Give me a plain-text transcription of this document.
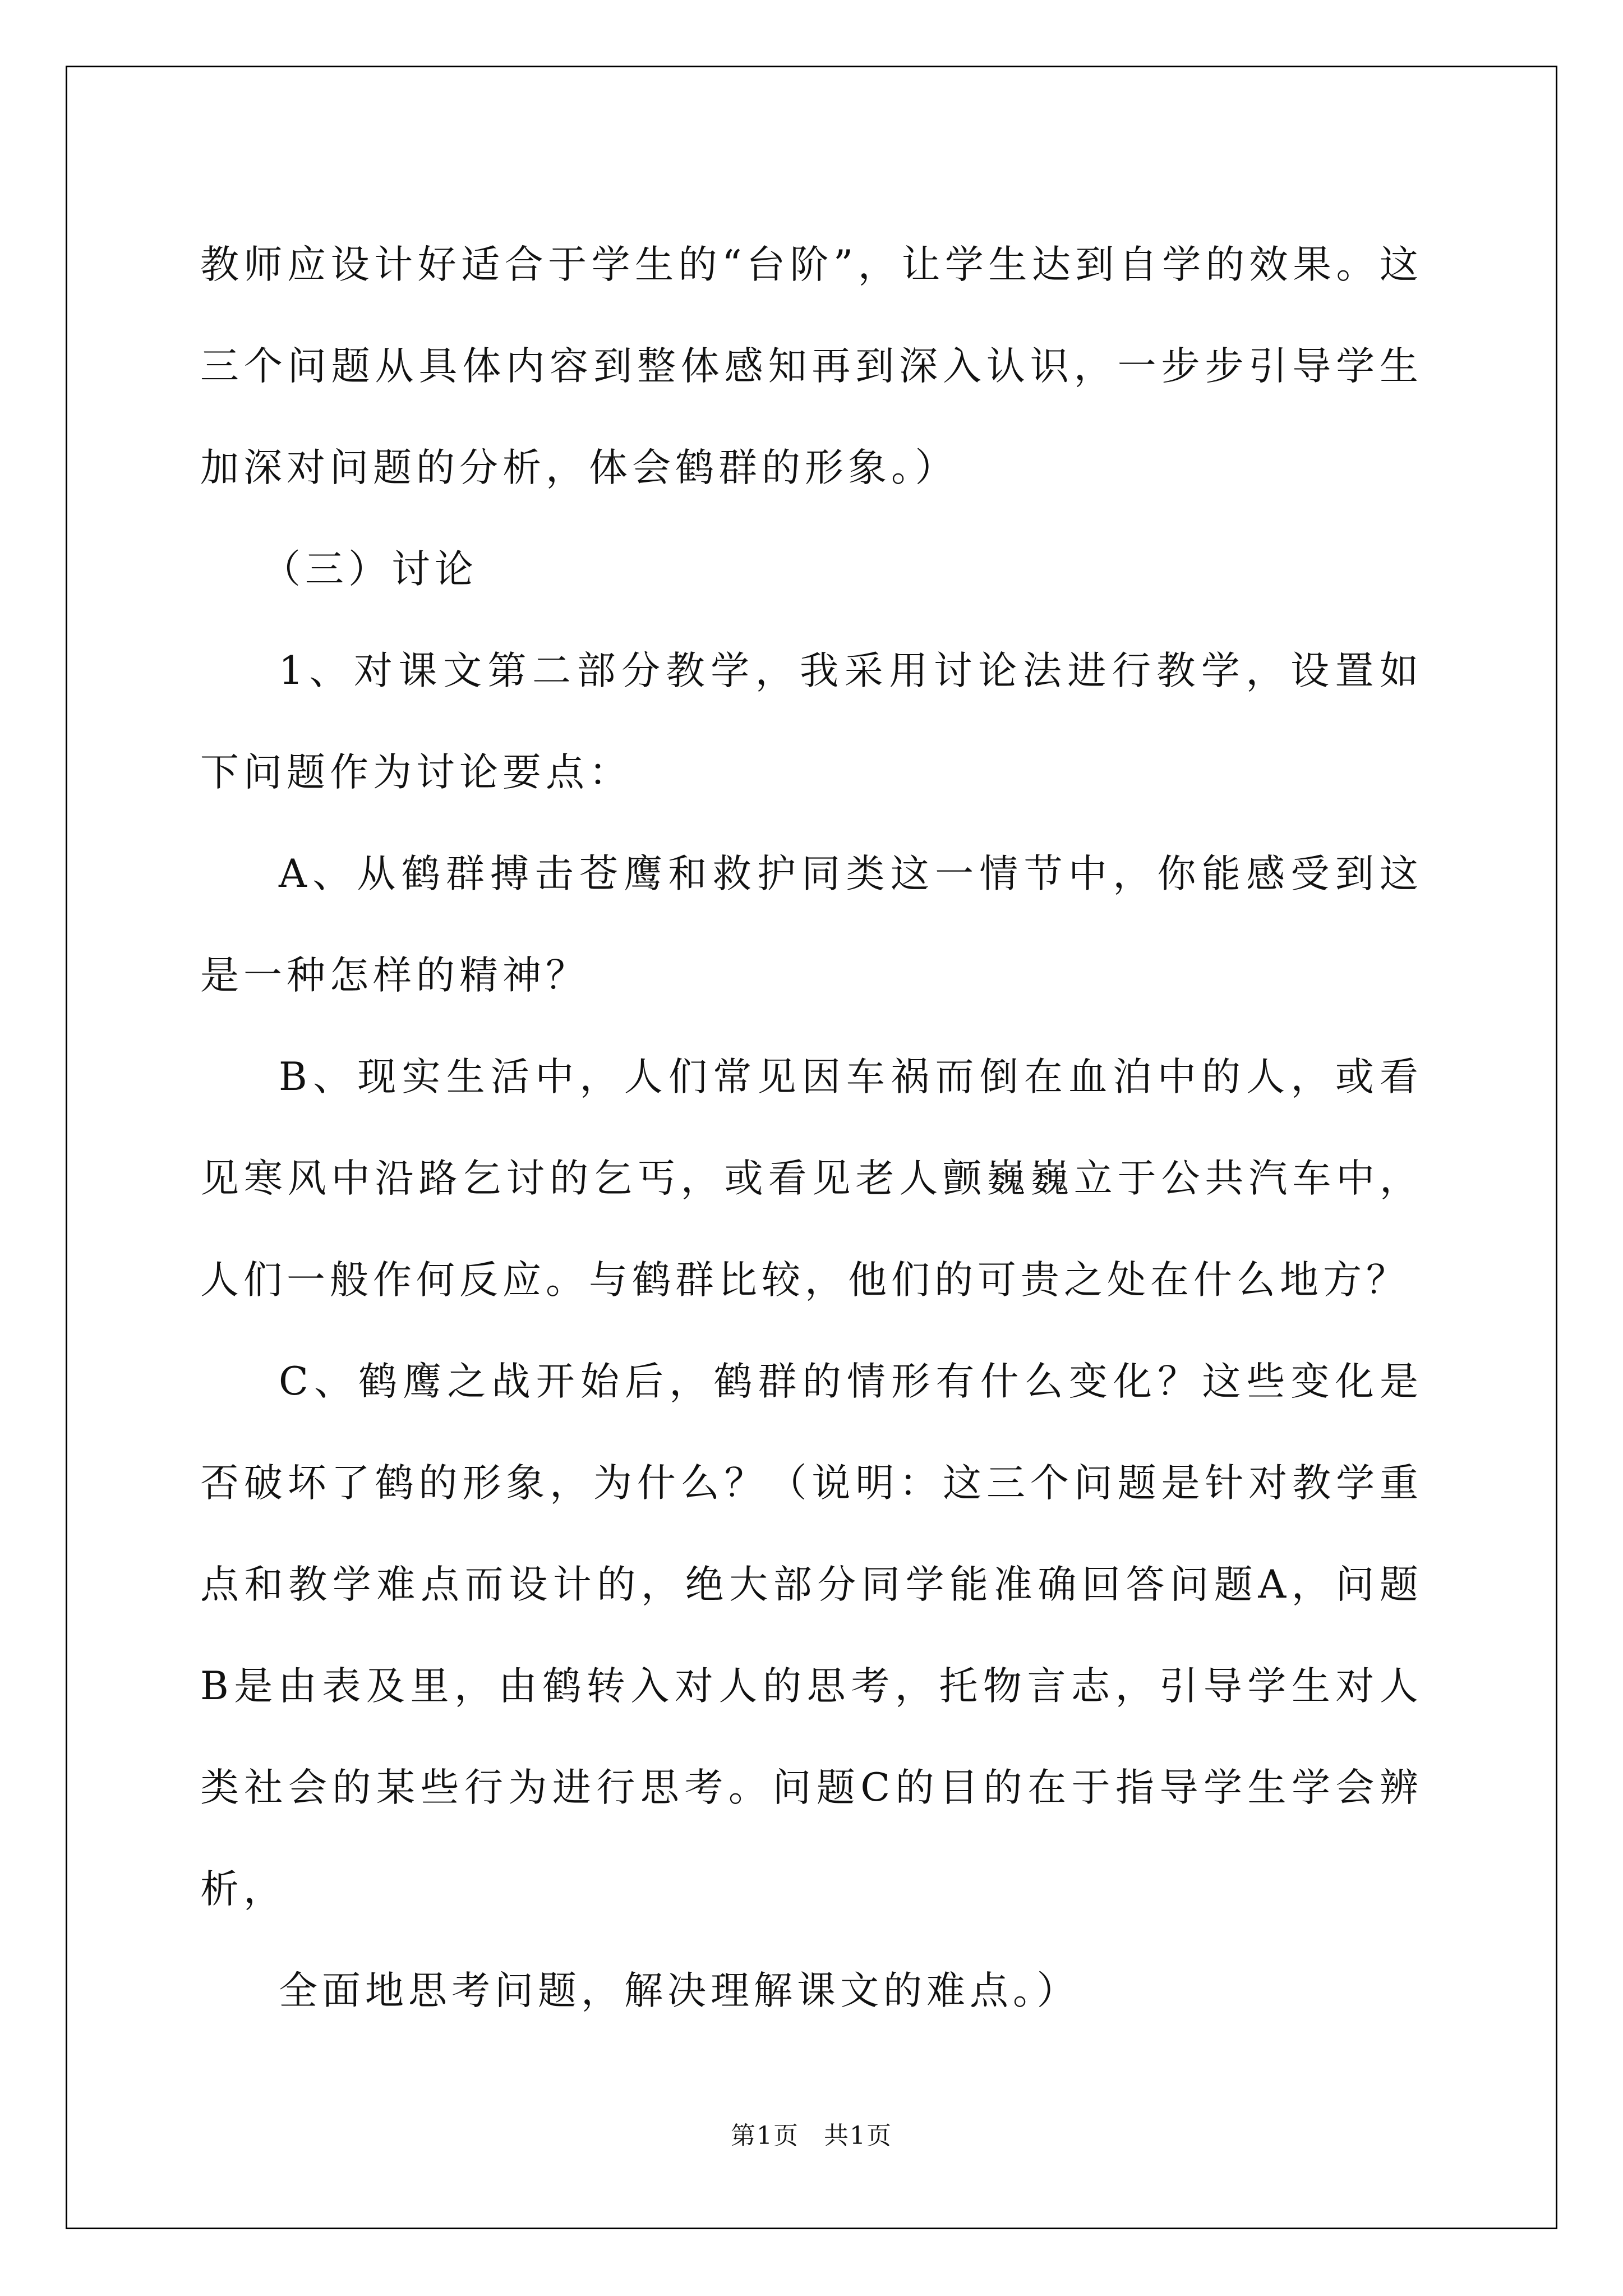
教师应设计好适合于学生的“台阶”，让学生达到自学的效果。这三个问题从具体内容到整体感知再到深入认识，一步步引导学生加深对问题的分析，体会鹤群的形象。）

（三）讨论

1、对课文第二部分教学，我采用讨论法进行教学，设置如下问题作为讨论要点：

A、从鹤群搏击苍鹰和救护同类这一情节中，你能感受到这是一种怎样的精神？

B、现实生活中，人们常见因车祸而倒在血泊中的人，或看见寒风中沿路乞讨的乞丐，或看见老人颤巍巍立于公共汽车中，人们一般作何反应。与鹤群比较，他们的可贵之处在什么地方？

C、鹤鹰之战开始后，鹤群的情形有什么变化？这些变化是否破坏了鹤的形象，为什么？（说明：这三个问题是针对教学重点和教学难点而设计的，绝大部分同学能准确回答问题A，问题B是由表及里，由鹤转入对人的思考，托物言志，引导学生对人类社会的某些行为进行思考。问题C的目的在于指导学生学会辨析，

全面地思考问题，解决理解课文的难点。）

第1页 共1页
